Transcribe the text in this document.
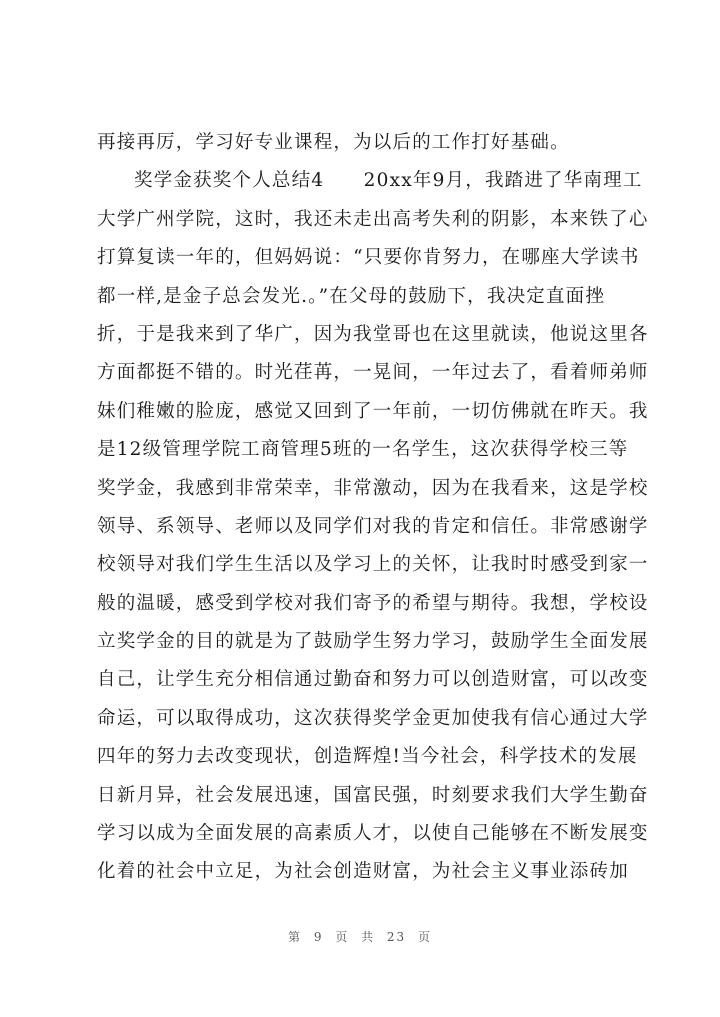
再接再厉，学习好专业课程，为以后的工作打好基础。
奖学金获奖个人总结4　　20xx年9月，我踏进了华南理工
大学广州学院，这时，我还未走出高考失利的阴影，本来铁了心
打算复读一年的，但妈妈说：“只要你肯努力，在哪座大学读书
都一样,是金子总会发光.。”在父母的鼓励下，我决定直面挫
折，于是我来到了华广，因为我堂哥也在这里就读，他说这里各
方面都挺不错的。时光荏苒，一晃间，一年过去了，看着师弟师
妹们稚嫩的脸庞，感觉又回到了一年前，一切仿佛就在昨天。我
是12级管理学院工商管理5班的一名学生，这次获得学校三等
奖学金，我感到非常荣幸，非常激动，因为在我看来，这是学校
领导、系领导、老师以及同学们对我的肯定和信任。非常感谢学
校领导对我们学生生活以及学习上的关怀，让我时时感受到家一
般的温暖，感受到学校对我们寄予的希望与期待。我想，学校设
立奖学金的目的就是为了鼓励学生努力学习，鼓励学生全面发展
自己，让学生充分相信通过勤奋和努力可以创造财富，可以改变
命运，可以取得成功，这次获得奖学金更加使我有信心通过大学
四年的努力去改变现状，创造辉煌!当今社会，科学技术的发展
日新月异，社会发展迅速，国富民强，时刻要求我们大学生勤奋
学习以成为全面发展的高素质人才，以使自己能够在不断发展变
化着的社会中立足，为社会创造财富，为社会主义事业添砖加
第 9 页 共 23 页
